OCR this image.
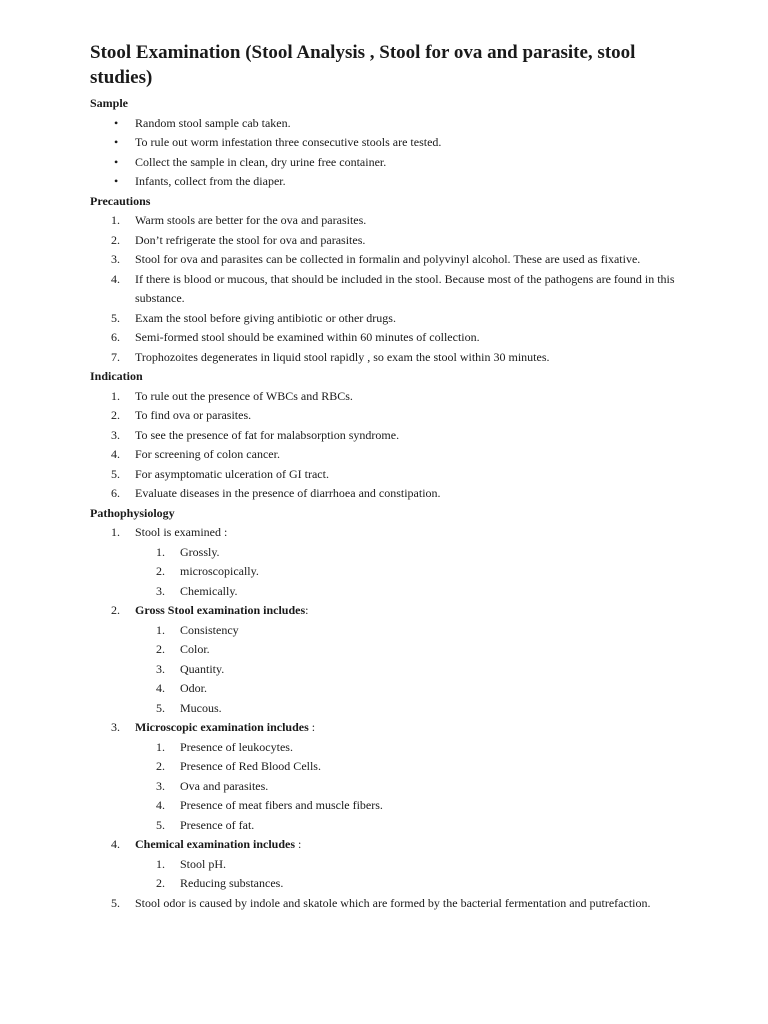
Stool Examination (Stool Analysis , Stool for ova and parasite, stool studies)
Sample
• Random stool sample cab taken.
• To rule out worm infestation three consecutive stools are tested.
• Collect the sample in clean, dry urine free container.
• Infants, collect from the diaper.
Precautions
1. Warm stools are better for the ova and parasites.
2. Don’t refrigerate the stool for ova and parasites.
3. Stool for ova and parasites can be collected in formalin and polyvinyl alcohol. These are used as fixative.
4. If there is blood or mucous, that should be included in the stool. Because most of the pathogens are found in this substance.
5. Exam the stool before giving antibiotic or other drugs.
6. Semi-formed stool should be examined within 60 minutes of collection.
7. Trophozoites degenerates in liquid stool rapidly , so exam the stool within 30 minutes.
Indication
1. To rule out the presence of WBCs and RBCs.
2. To find ova or parasites.
3. To see the presence of fat for malabsorption syndrome.
4. For screening of colon cancer.
5. For asymptomatic ulceration of GI tract.
6. Evaluate diseases in the presence of diarrhoea and constipation.
Pathophysiology
1. Stool is examined :
1. Grossly.
2. microscopically.
3. Chemically.
2. Gross Stool examination includes:
1. Consistency
2. Color.
3. Quantity.
4. Odor.
5. Mucous.
3. Microscopic examination includes :
1. Presence of leukocytes.
2. Presence of Red Blood Cells.
3. Ova and parasites.
4. Presence of meat fibers and muscle fibers.
5. Presence of fat.
4. Chemical examination includes :
1. Stool pH.
2. Reducing substances.
5. Stool odor is caused by indole and skatole which are formed by the bacterial fermentation and putrefaction.
